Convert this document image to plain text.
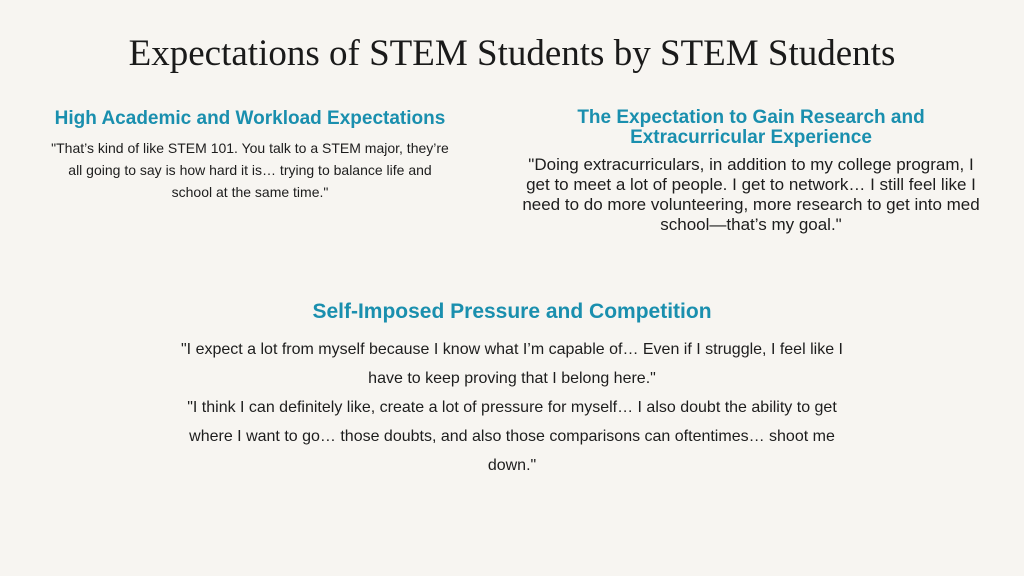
Expectations of STEM Students by STEM Students

High Academic and Workload Expectations

"That’s kind of like STEM 101. You talk to a STEM major, they’re all going to say is how hard it is… trying to balance life and school at the same time."

The Expectation to Gain Research and Extracurricular Experience

"Doing extracurriculars, in addition to my college program, I get to meet a lot of people. I get to network… I still feel like I need to do more volunteering, more research to get into med school—that’s my goal."

Self-Imposed Pressure and Competition

"I expect a lot from myself because I know what I’m capable of… Even if I struggle, I feel like I have to keep proving that I belong here."

"I think I can definitely like, create a lot of pressure for myself… I also doubt the ability to get where I want to go… those doubts, and also those comparisons can oftentimes… shoot me down."
